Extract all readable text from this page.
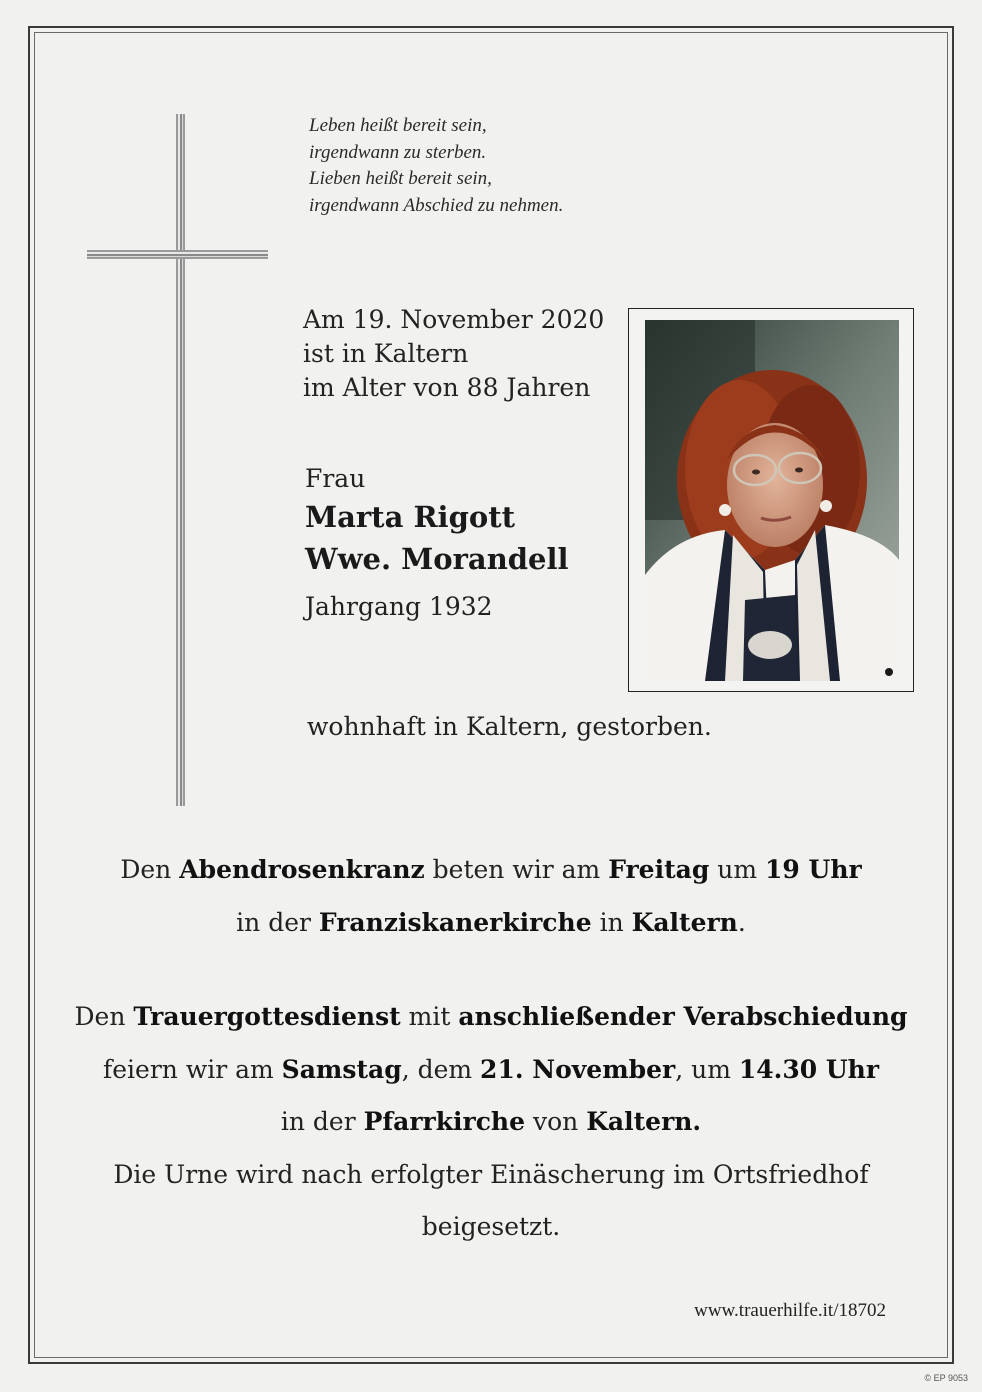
Leben heißt bereit sein,
irgendwann zu sterben.
Lieben heißt bereit sein,
irgendwann Abschied zu nehmen.
Am 19. November 2020
ist in Kaltern
im Alter von 88 Jahren
Frau
Marta Rigott
Wwe. Morandell
Jahrgang 1932
wohnhaft in Kaltern, gestorben.
Den Abendrosenkranz beten wir am Freitag um 19 Uhr
in der Franziskanerkirche in Kaltern.
Den Trauergottesdienst mit anschließender Verabschiedung
feiern wir am Samstag, dem 21. November, um 14.30 Uhr
in der Pfarrkirche von Kaltern.
Die Urne wird nach erfolgter Einäscherung im Ortsfriedhof
beigesetzt.
www.trauerhilfe.it/18702
© EP 9053
